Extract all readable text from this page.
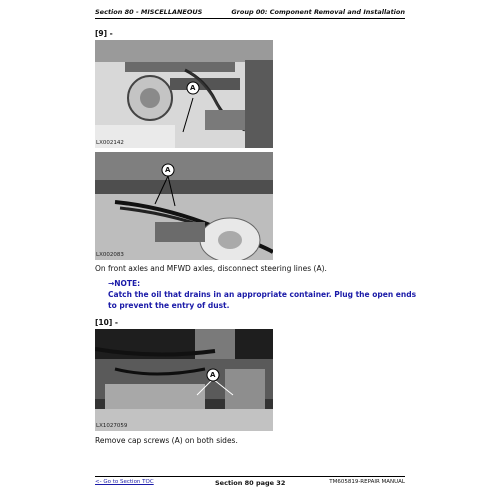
Section 80 - MISCELLANEOUS	Group 00: Component Removal and Installation
[9] -
A
LX002142
A
LX002083
On front axles and MFWD axles, disconnect steering lines (A).
→NOTE:
Catch the oil that drains in an appropriate container. Plug the open ends to prevent the entry of dust.
[10] -
A
LX1027059
Remove cap screws (A) on both sides.
<- Go to Section TOC	Section 80 page 32	TM605819-REPAIR MANUAL
